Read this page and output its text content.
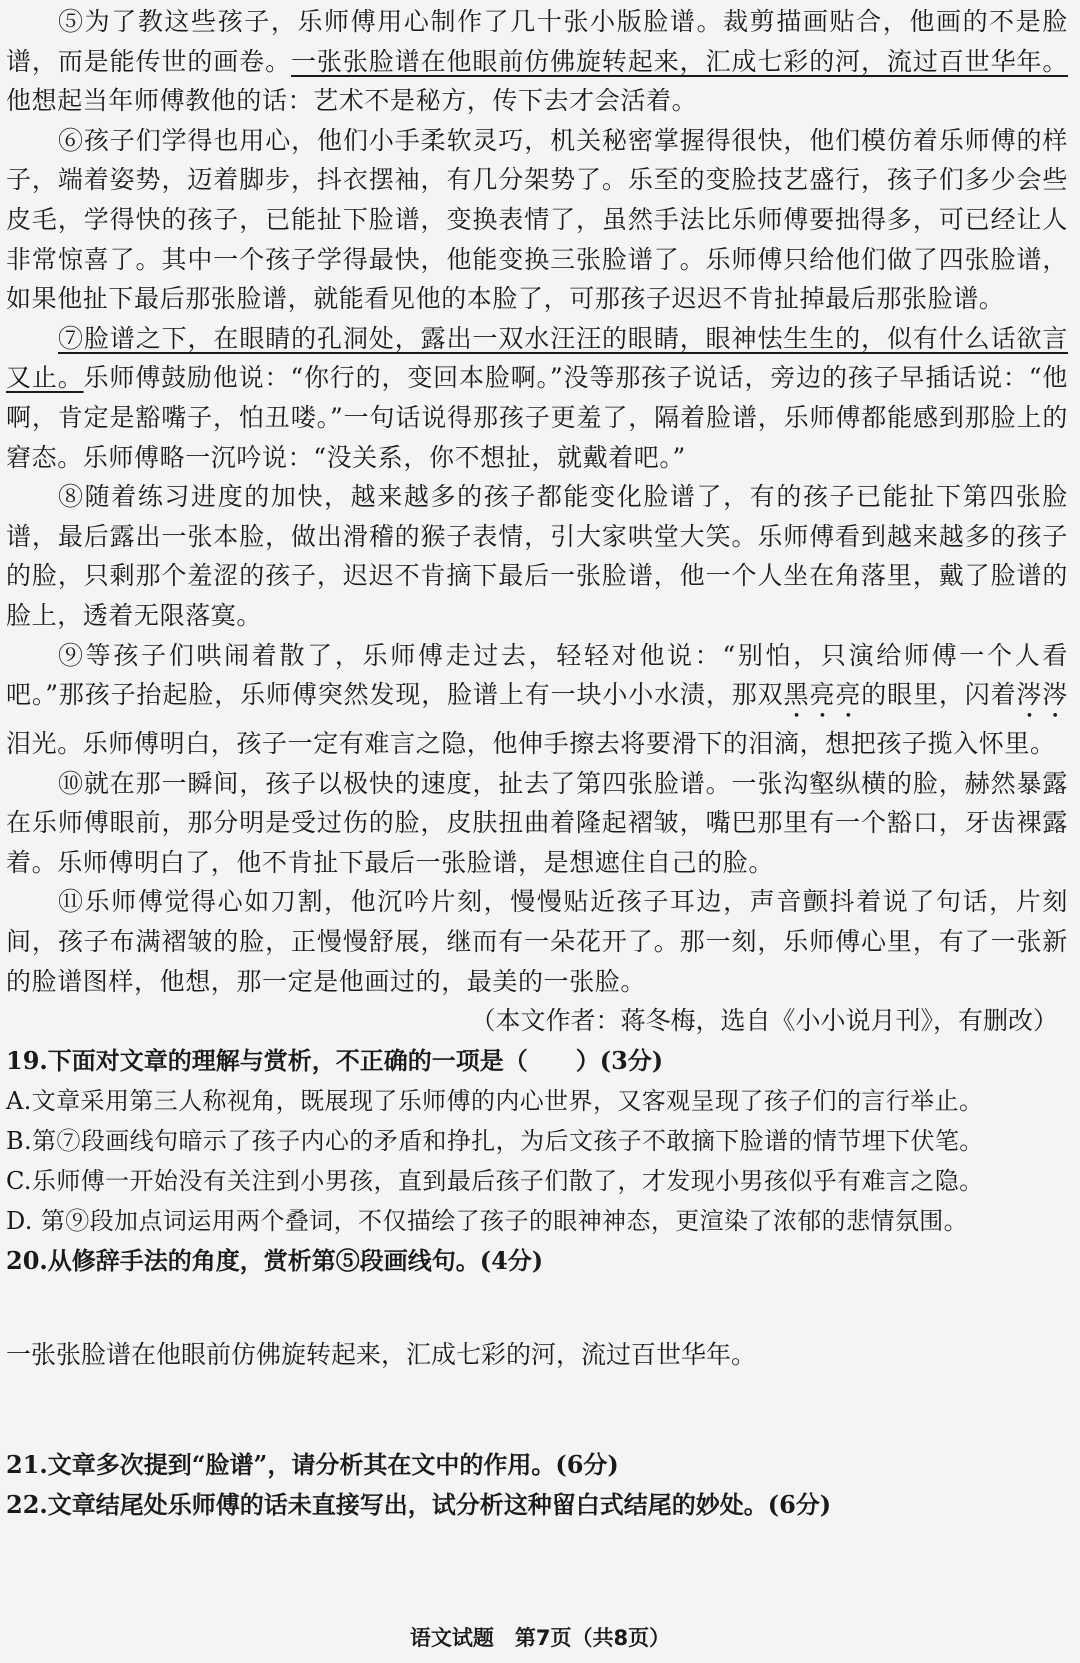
⑤为了教这些孩子，乐师傅用心制作了几十张小版脸谱。裁剪描画贴合，他画的不是脸谱，而是能传世的画卷。一张张脸谱在他眼前仿佛旋转起来，汇成七彩的河，流过百世华年。他想起当年师傅教他的话：艺术不是秘方，传下去才会活着。

⑥孩子们学得也用心，他们小手柔软灵巧，机关秘密掌握得很快，他们模仿着乐师傅的样子，端着姿势，迈着脚步，抖衣摆袖，有几分架势了。乐至的变脸技艺盛行，孩子们多少会些皮毛，学得快的孩子，已能扯下脸谱，变换表情了，虽然手法比乐师傅要拙得多，可已经让人非常惊喜了。其中一个孩子学得最快，他能变换三张脸谱了。乐师傅只给他们做了四张脸谱，如果他扯下最后那张脸谱，就能看见他的本脸了，可那孩子迟迟不肯扯掉最后那张脸谱。

⑦脸谱之下，在眼睛的孔洞处，露出一双水汪汪的眼睛，眼神怯生生的，似有什么话欲言又止。乐师傅鼓励他说：“你行的，变回本脸啊。”没等那孩子说话，旁边的孩子早插话说：“他啊，肯定是豁嘴子，怕丑喽。”一句话说得那孩子更羞了，隔着脸谱，乐师傅都能感到那脸上的窘态。乐师傅略一沉吟说：“没关系，你不想扯，就戴着吧。”

⑧随着练习进度的加快，越来越多的孩子都能变化脸谱了，有的孩子已能扯下第四张脸谱，最后露出一张本脸，做出滑稽的猴子表情，引大家哄堂大笑。乐师傅看到越来越多的孩子的脸，只剩那个羞涩的孩子，迟迟不肯摘下最后一张脸谱，他一个人坐在角落里，戴了脸谱的脸上，透着无限落寞。

⑨等孩子们哄闹着散了，乐师傅走过去，轻轻对他说：“别怕，只演给师傅一个人看吧。”那孩子抬起脸，乐师傅突然发现，脸谱上有一块小小水渍，那双黑亮亮的眼里，闪着涔涔泪光。乐师傅明白，孩子一定有难言之隐，他伸手擦去将要滑下的泪滴，想把孩子揽入怀里。

⑩就在那一瞬间，孩子以极快的速度，扯去了第四张脸谱。一张沟壑纵横的脸，赫然暴露在乐师傅眼前，那分明是受过伤的脸，皮肤扭曲着隆起褶皱，嘴巴那里有一个豁口，牙齿裸露着。乐师傅明白了，他不肯扯下最后一张脸谱，是想遮住自己的脸。

⑪乐师傅觉得心如刀割，他沉吟片刻，慢慢贴近孩子耳边，声音颤抖着说了句话，片刻间，孩子布满褶皱的脸，正慢慢舒展，继而有一朵花开了。那一刻，乐师傅心里，有了一张新的脸谱图样，他想，那一定是他画过的，最美的一张脸。

（本文作者：蒋冬梅，选自《小小说月刊》，有删改）

19.下面对文章的理解与赏析，不正确的一项是（　　）(3分)

A.文章采用第三人称视角，既展现了乐师傅的内心世界，又客观呈现了孩子们的言行举止。

B.第⑦段画线句暗示了孩子内心的矛盾和挣扎，为后文孩子不敢摘下脸谱的情节埋下伏笔。

C.乐师傅一开始没有关注到小男孩，直到最后孩子们散了，才发现小男孩似乎有难言之隐。

D. 第⑨段加点词运用两个叠词，不仅描绘了孩子的眼神神态，更渲染了浓郁的悲情氛围。

20.从修辞手法的角度，赏析第⑤段画线句。(4分)

一张张脸谱在他眼前仿佛旋转起来，汇成七彩的河，流过百世华年。

21.文章多次提到“脸谱”，请分析其在文中的作用。(6分)

22.文章结尾处乐师傅的话未直接写出，试分析这种留白式结尾的妙处。(6分)

语文试题　第7页（共8页）
